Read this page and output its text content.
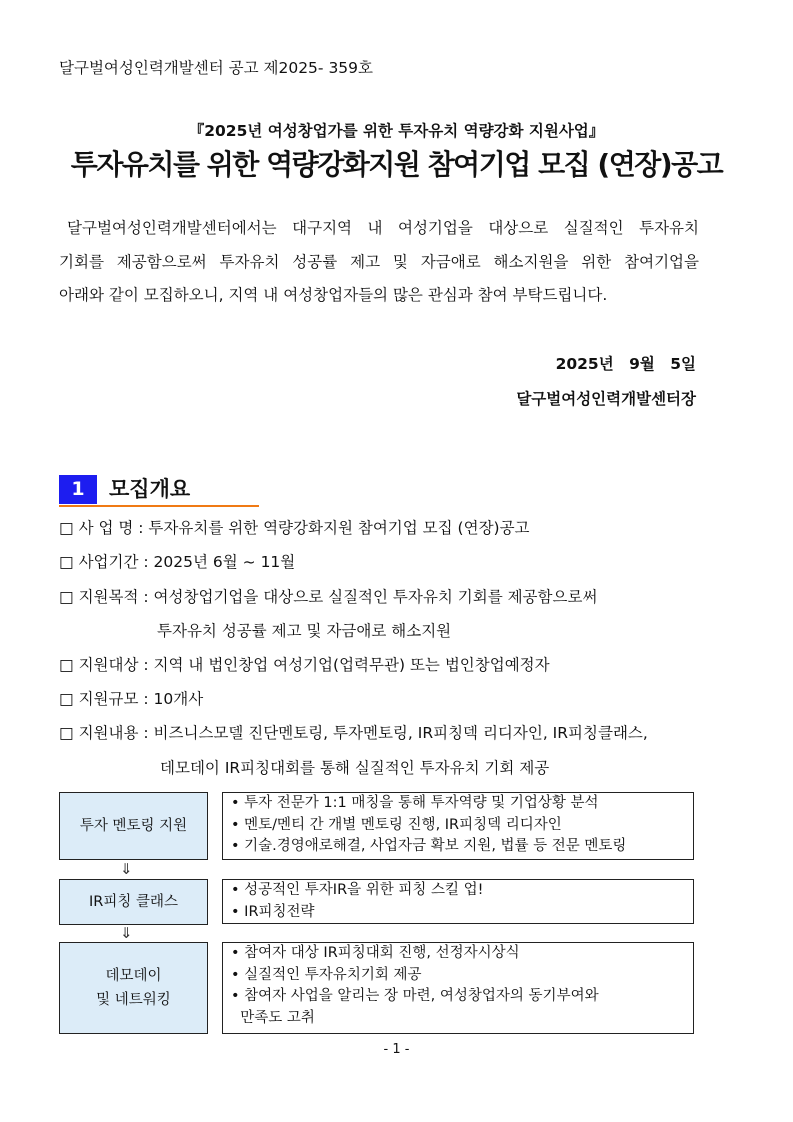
달구벌여성인력개발센터 공고 제2025- 359호
『2025년 여성창업가를 위한 투자유치 역량강화 지원사업』
투자유치를 위한 역량강화지원 참여기업 모집 (연장)공고
달구벌여성인력개발센터에서는 대구지역 내 여성기업을 대상으로 실질적인 투자유치
기회를 제공함으로써 투자유치 성공률 제고 및 자금애로 해소지원을 위한 참여기업을
아래와 같이 모집하오니, 지역 내 여성창업자들의 많은 관심과 참여 부탁드립니다.
2025년 9월 5일
달구벌여성인력개발센터장
1	모집개요
□ 사 업 명 : 투자유치를 위한 역량강화지원 참여기업 모집 (연장)공고
□ 사업기간 : 2025년 6월 ~ 11월
□ 지원목적 : 여성창업기업을 대상으로 실질적인 투자유치 기회를 제공함으로써
투자유치 성공률 제고 및 자금애로 해소지원
□ 지원대상 : 지역 내 법인창업 여성기업(업력무관) 또는 법인창업예정자
□ 지원규모 : 10개사
□ 지원내용 : 비즈니스모델 진단멘토링, 투자멘토링, IR피칭덱 리디자인, IR피칭클래스,
데모데이 IR피칭대회를 통해 실질적인 투자유치 기회 제공
투자 멘토링 지원
• 투자 전문가 1:1 매칭을 통해 투자역량 및 기업상황 분석
• 멘토/멘티 간 개별 멘토링 진행, IR피칭덱 리디자인
• 기술.경영애로해결, 사업자금 확보 지원, 법률 등 전문 멘토링
⇓
IR피칭 클래스
• 성공적인 투자IR을 위한 피칭 스킬 업!
• IR피칭전략
⇓
데모데이
및 네트워킹
• 참여자 대상 IR피칭대회 진행, 선정자시상식
• 실질적인 투자유치기회 제공
• 참여자 사업을 알리는 장 마련, 여성창업자의 동기부여와
만족도 고취
- 1 -
